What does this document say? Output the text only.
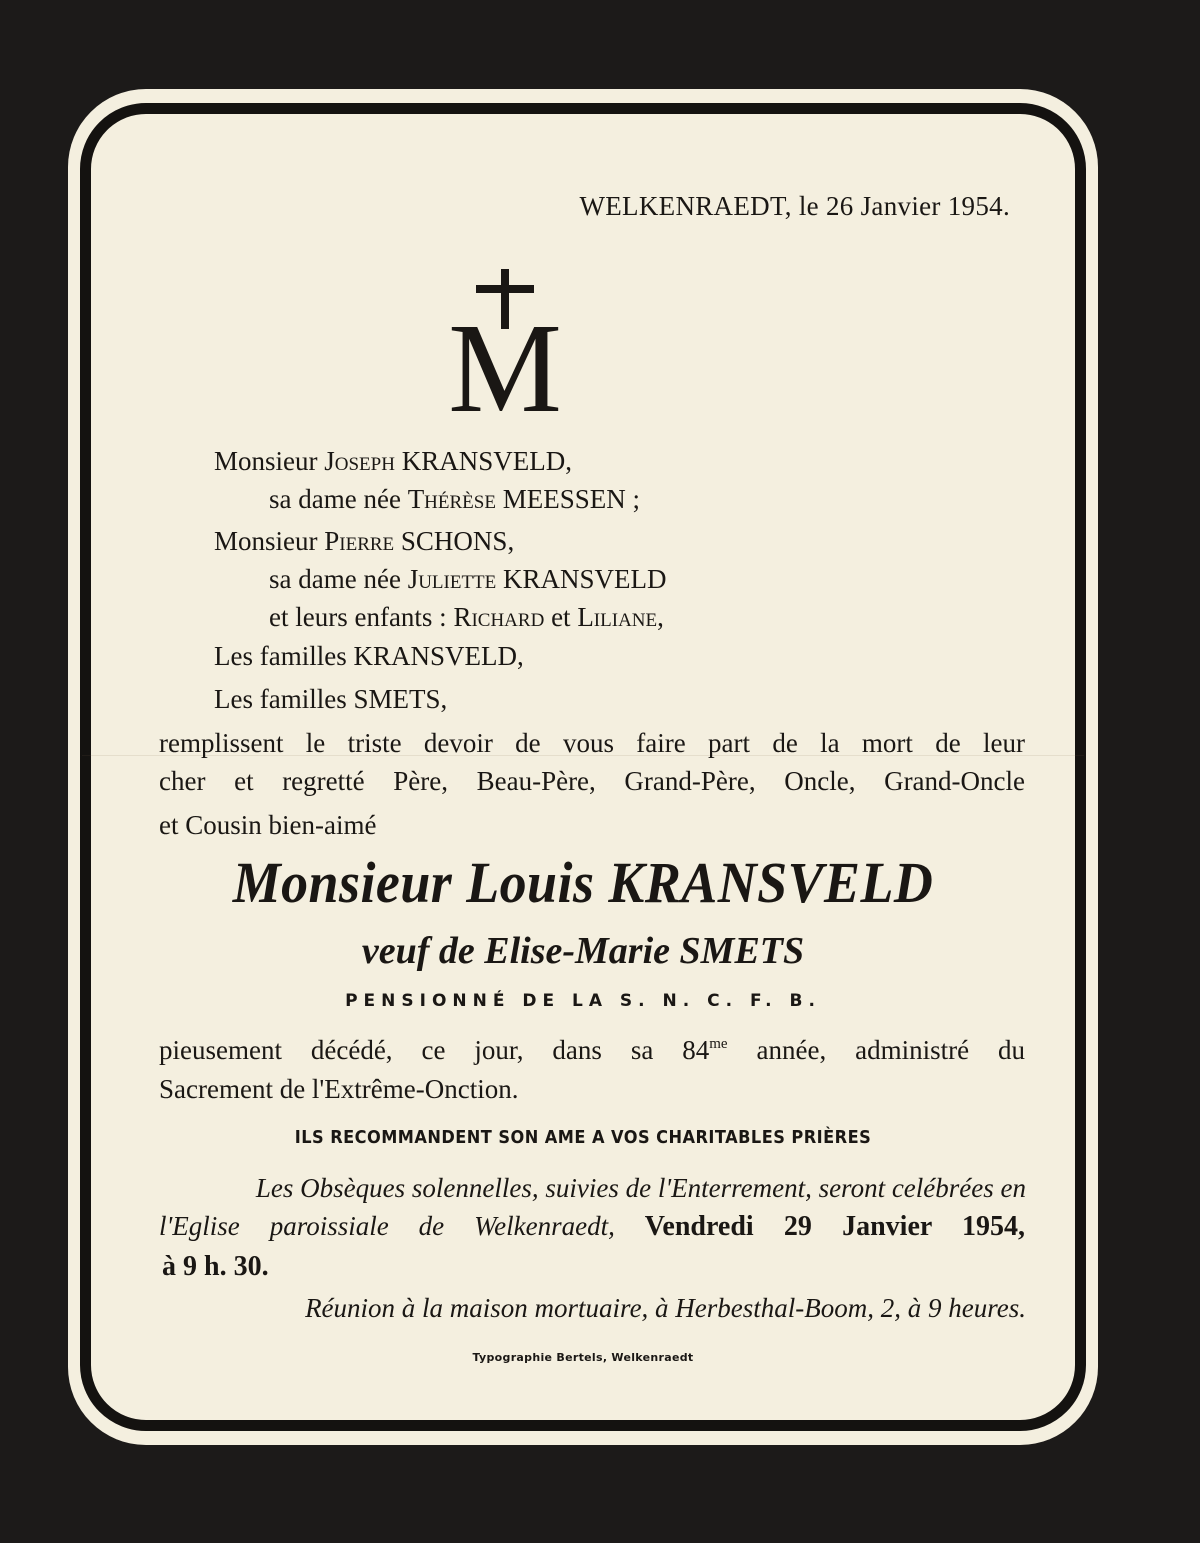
WELKENRAEDT, le 26 Janvier 1954.
M
Monsieur Joseph KRANSVELD,
sa dame née Thérèse MEESSEN ;
Monsieur Pierre SCHONS,
sa dame née Juliette KRANSVELD
et leurs enfants : Richard et Liliane,
Les familles KRANSVELD,
Les familles SMETS,
remplissent le triste devoir de vous faire part de la mort de leur
cher et regretté Père, Beau-Père, Grand-Père, Oncle, Grand-Oncle
et Cousin bien-aimé
Monsieur Louis KRANSVELD
veuf de Elise-Marie SMETS
PENSIONNÉ DE LA S. N. C. F. B.
pieusement décédé, ce jour, dans sa $84^{me}$ année, administré du
Sacrement de l'Extrême-Onction.
ILS RECOMMANDENT SON AME A VOS CHARITABLES PRIÈRES
Les Obsèques solennelles, suivies de l'Enterrement, seront celébrées en
l'Eglise paroissiale de Welkenraedt, Vendredi 29 Janvier 1954,
à 9 h. 30.
Réunion à la maison mortuaire, à Herbesthal-Boom, 2, à 9 heures.
Typographie Bertels, Welkenraedt
